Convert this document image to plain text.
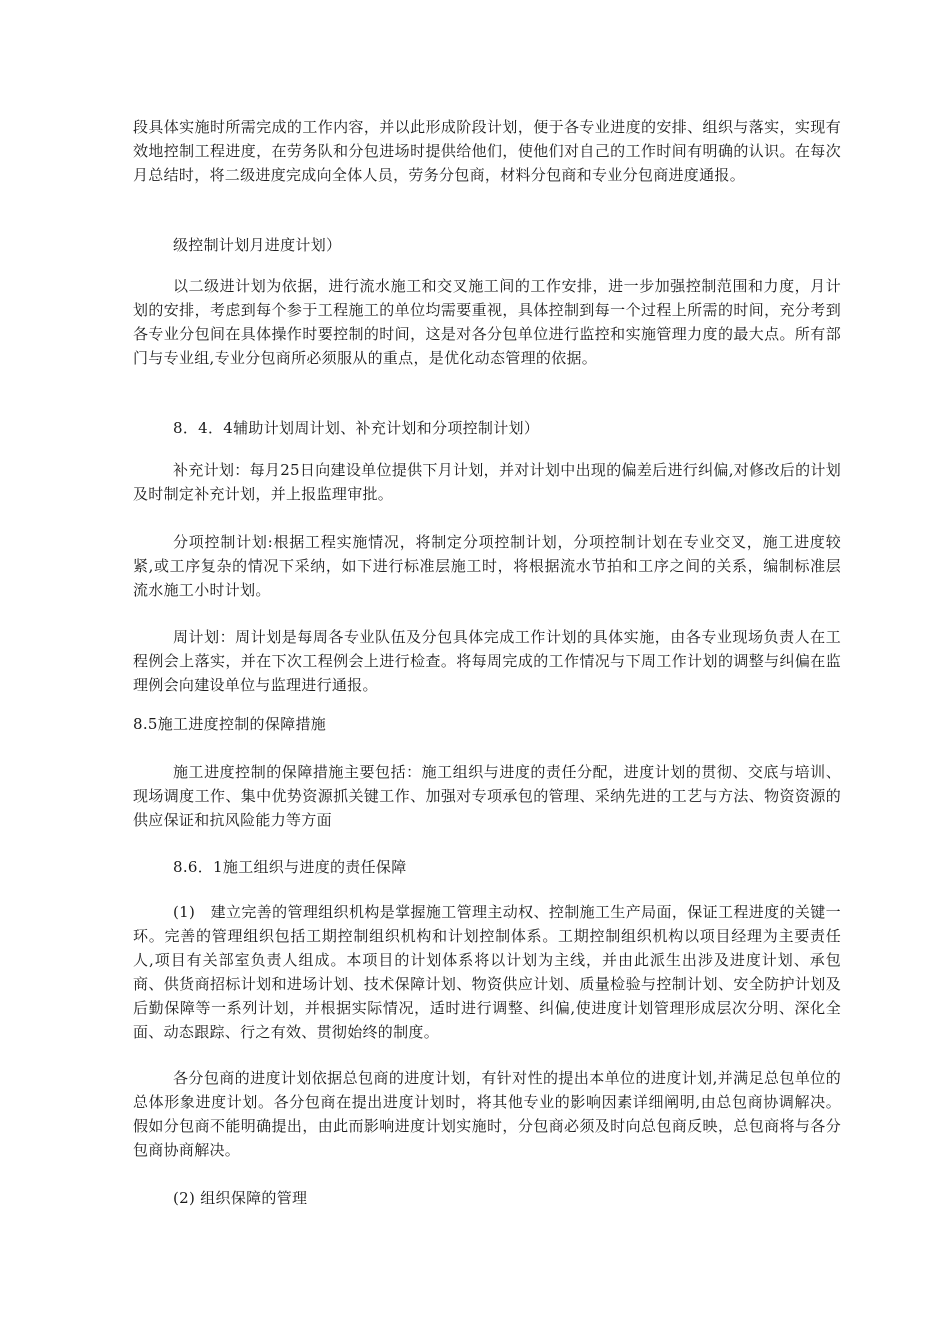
段具体实施时所需完成的工作内容，并以此形成阶段计划，便于各专业进度的安排、组织与落实，实现有效地控制工程进度，在劳务队和分包进场时提供给他们，使他们对自己的工作时间有明确的认识。在每次月总结时，将二级进度完成向全体人员，劳务分包商，材料分包商和专业分包商进度通报。

级控制计划月进度计划）

以二级进计划为依据，进行流水施工和交叉施工间的工作安排，进一步加强控制范围和力度，月计划的安排，考虑到每个参于工程施工的单位均需要重视，具体控制到每一个过程上所需的时间，充分考到各专业分包间在具体操作时要控制的时间，这是对各分包单位进行监控和实施管理力度的最大点。所有部门与专业组,专业分包商所必须服从的重点，是优化动态管理的依据。

8．4．4辅助计划周计划、补充计划和分项控制计划）

补充计划：每月25日向建设单位提供下月计划，并对计划中出现的偏差后进行纠偏,对修改后的计划及时制定补充计划，并上报监理审批。

分项控制计划:根据工程实施情况，将制定分项控制计划，分项控制计划在专业交叉，施工进度较紧,或工序复杂的情况下采纳，如下进行标准层施工时，将根据流水节拍和工序之间的关系，编制标准层流水施工小时计划。

周计划：周计划是每周各专业队伍及分包具体完成工作计划的具体实施，由各专业现场负责人在工程例会上落实，并在下次工程例会上进行检查。将每周完成的工作情况与下周工作计划的调整与纠偏在监理例会向建设单位与监理进行通报。

8.5施工进度控制的保障措施

施工进度控制的保障措施主要包括：施工组织与进度的责任分配，进度计划的贯彻、交底与培训、现场调度工作、集中优势资源抓关键工作、加强对专项承包的管理、采纳先进的工艺与方法、物资资源的供应保证和抗风险能力等方面

8.6．1施工组织与进度的责任保障

(1)　建立完善的管理组织机构是掌握施工管理主动权、控制施工生产局面，保证工程进度的关键一环。完善的管理组织包括工期控制组织机构和计划控制体系。工期控制组织机构以项目经理为主要责任人,项目有关部室负责人组成。本项目的计划体系将以计划为主线，并由此派生出涉及进度计划、承包商、供货商招标计划和进场计划、技术保障计划、物资供应计划、质量检验与控制计划、安全防护计划及后勤保障等一系列计划，并根据实际情况，适时进行调整、纠偏,使进度计划管理形成层次分明、深化全面、动态跟踪、行之有效、贯彻始终的制度。

各分包商的进度计划依据总包商的进度计划，有针对性的提出本单位的进度计划,并满足总包单位的总体形象进度计划。各分包商在提出进度计划时，将其他专业的影响因素详细阐明,由总包商协调解决。假如分包商不能明确提出，由此而影响进度计划实施时，分包商必须及时向总包商反映，总包商将与各分包商协商解决。

(2) 组织保障的管理
